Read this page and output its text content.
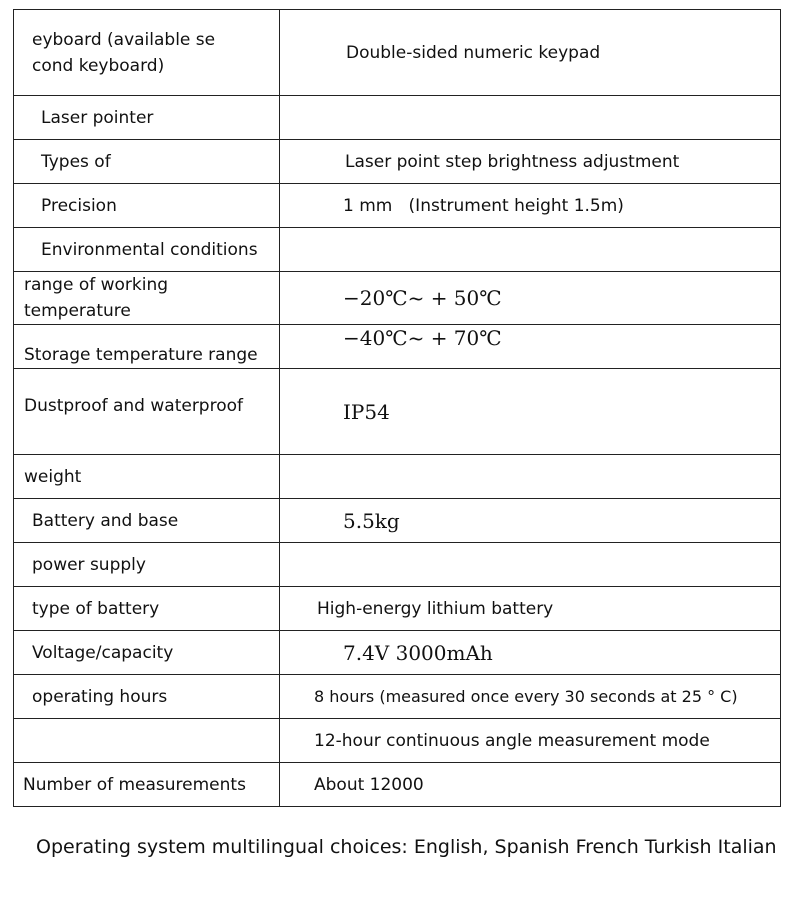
eyboard (available se
cond keyboard)	Double-sided numeric keypad

Laser pointer	

Types of	Laser point step brightness adjustment

Precision	1 mm   (Instrument height 1.5m)

Environmental conditions	

range of working temperature	−20℃~ + 50℃

Storage temperature range	−40℃~ + 70℃

Dustproof and waterproof	IP54

weight	

Battery and base	5.5kg

power supply	

type of battery	High-energy lithium battery

Voltage/capacity	7.4V 3000mAh

operating hours	8 hours (measured once every 30 seconds at 25 ° C)

	12-hour continuous angle measurement mode

Number of measurements	About 12000
Operating system multilingual choices: English, Spanish French Turkish Italian
